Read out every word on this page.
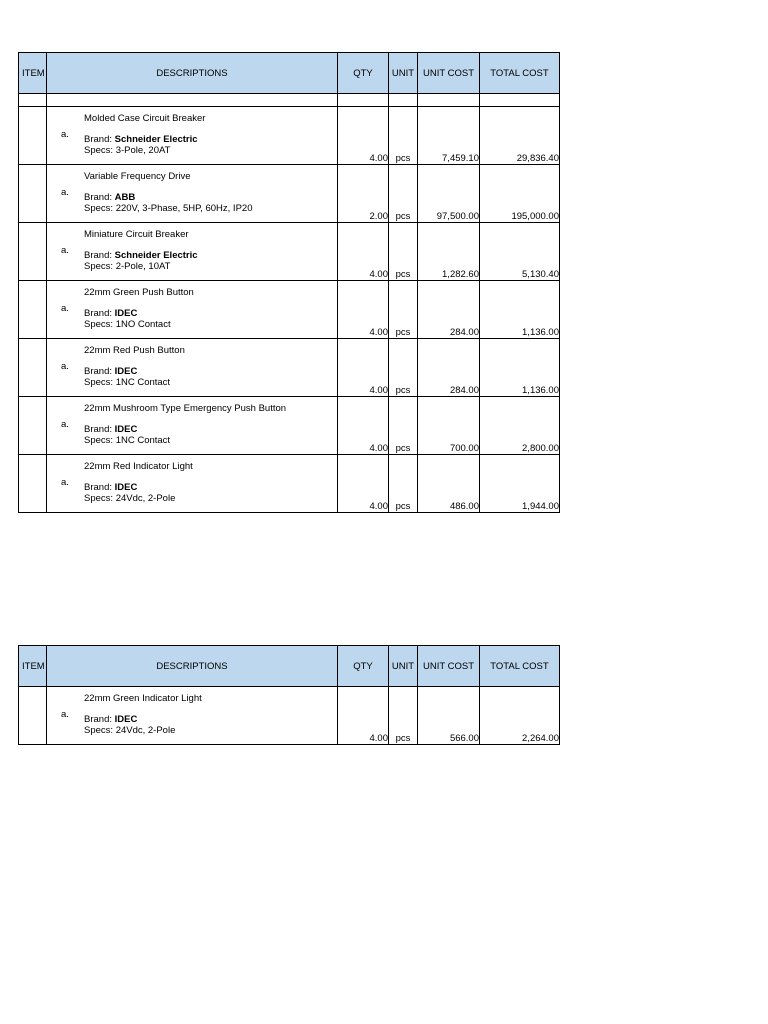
ITEM	DESCRIPTIONS	QTY	UNIT	UNIT COST	TOTAL COST

	a.
Molded Case Circuit Breaker
Brand: Schneider Electric
Specs: 3-Pole, 20AT	4.00	pcs	7,459.10	29,836.40

	a.
Variable Frequency Drive
Brand: ABB
Specs: 220V, 3-Phase, 5HP, 60Hz, IP20	2.00	pcs	97,500.00	195,000.00

	a.
Miniature Circuit Breaker
Brand: Schneider Electric
Specs: 2-Pole, 10AT	4.00	pcs	1,282.60	5,130.40

	a.
22mm Green Push Button
Brand: IDEC
Specs: 1NO Contact	4.00	pcs	284.00	1,136.00

	a.
22mm Red Push Button
Brand: IDEC
Specs: 1NC Contact	4.00	pcs	284.00	1,136.00

	a.
22mm Mushroom Type Emergency Push Button
Brand: IDEC
Specs: 1NC Contact	4.00	pcs	700.00	2,800.00

	a.
22mm Red Indicator Light
Brand: IDEC
Specs: 24Vdc, 2-Pole	4.00	pcs	486.00	1,944.00
ITEM	DESCRIPTIONS	QTY	UNIT	UNIT COST	TOTAL COST

	a.
22mm Green Indicator Light
Brand: IDEC
Specs: 24Vdc, 2-Pole	4.00	pcs	566.00	2,264.00
